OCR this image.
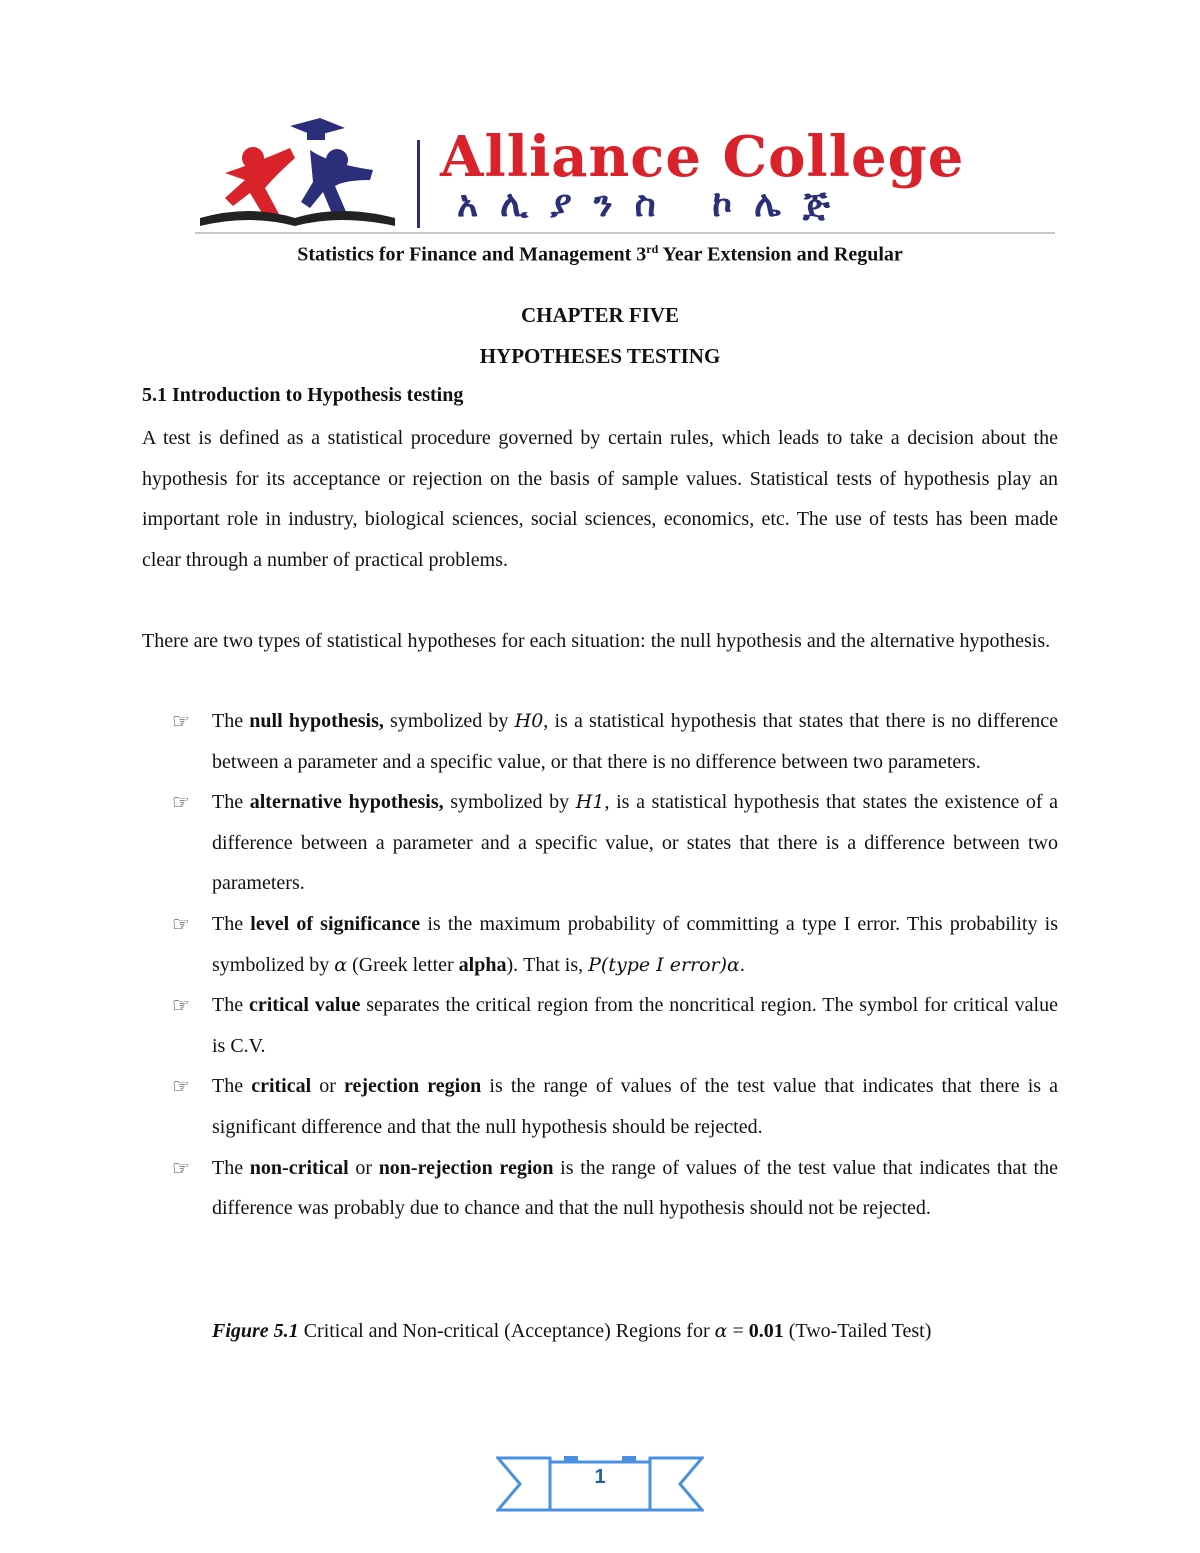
Alliance College
አሊያንስ ኮሌጅ
Statistics for Finance and Management 3rd Year Extension and Regular
CHAPTER FIVE
HYPOTHESES TESTING
5.1 Introduction to Hypothesis testing
A test is defined as a statistical procedure governed by certain rules, which leads to take a decision about the hypothesis for its acceptance or rejection on the basis of sample values. Statistical tests of hypothesis play an important role in industry, biological sciences, social sciences, economics, etc. The use of tests has been made clear through a number of practical problems.
There are two types of statistical hypotheses for each situation: the null hypothesis and the alternative hypothesis.
☞ The null hypothesis, symbolized by H0, is a statistical hypothesis that states that there is no difference between a parameter and a specific value, or that there is no difference between two parameters.
☞ The alternative hypothesis, symbolized by H1, is a statistical hypothesis that states the existence of a difference between a parameter and a specific value, or states that there is a difference between two parameters.
☞ The level of significance is the maximum probability of committing a type I error. This probability is symbolized by α (Greek letter alpha). That is, P(type I error)α.
☞ The critical value separates the critical region from the noncritical region. The symbol for critical value is C.V.
☞ The critical or rejection region is the range of values of the test value that indicates that there is a significant difference and that the null hypothesis should be rejected.
☞ The non-critical or non-rejection region is the range of values of the test value that indicates that the difference was probably due to chance and that the null hypothesis should not be rejected.
Figure 5.1 Critical and Non-critical (Acceptance) Regions for α = 0.01 (Two-Tailed Test)
1
